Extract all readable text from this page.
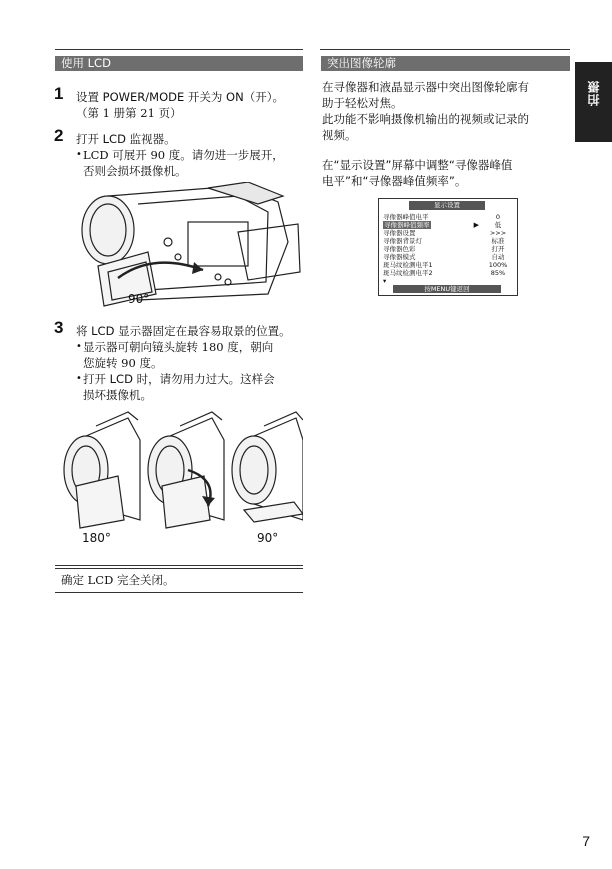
拍摄
使用 LCD
1 设置 POWER/MODE 开关为 ON（开）。
（第 1 册第 21 页）
2 打开 LCD 监视器。
• LCD 可展开 90 度。请勿进一步展开，
否则会损坏摄像机。
90°
3 将 LCD 显示器固定在最容易取景的位置。
• 显示器可朝向镜头旋转 180 度，朝向
您旋转 90 度。
• 打开 LCD 时，请勿用力过大。这样会
损坏摄像机。
180°	90°
确定 LCD 完全关闭。
突出图像轮廓
在寻像器和液晶显示器中突出图像轮廓有
助于轻松对焦。
此功能不影响摄像机输出的视频或记录的
视频。
在“显示设置”屏幕中调整“寻像器峰值
电平”和“寻像器峰值频率”。
显示设置
寻像器峰值电平	0
寻像器峰值频率	▶	低
寻像器设置	>>>
寻像器背景灯	标准
寻像器色彩	打开
寻像器模式	自动
斑马纹检测电平1	100%
斑马纹检测电平2	85%
▾
按MENU键返回
7
